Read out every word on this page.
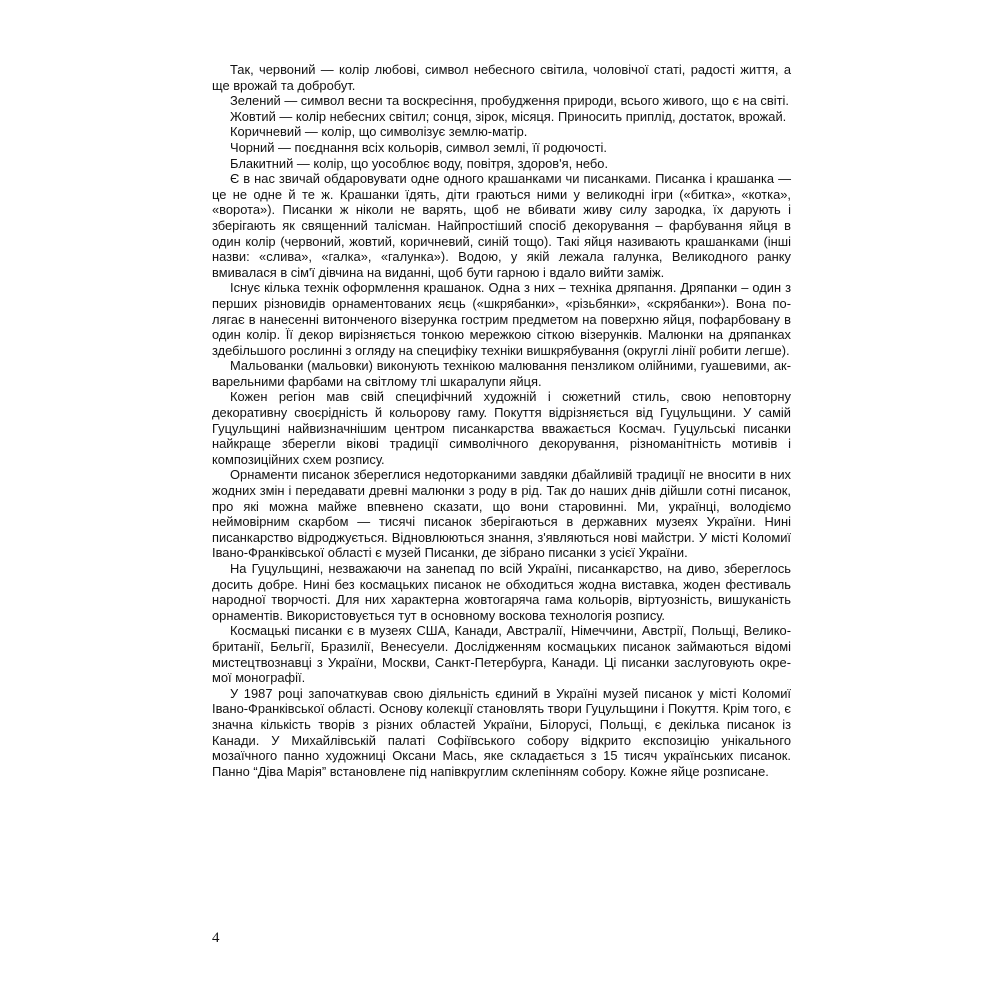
Так, червоний — колір любові, символ небесного світила, чоловічої статі, радості життя, а ще врожай та добробут.

Зелений — символ весни та воскресіння, пробудження природи, всього живого, що є на світі.

Жовтий — колір небесних світил; сонця, зірок, місяця. Приносить приплід, достаток, врожай.

Коричневий — колір, що символізує землю-матір.

Чорний — поєднання всіх кольорів, символ землі, її родючості.

Блакитний — колір, що уособлює воду, повітря, здоров'я, небо.

Є в нас звичай обдаровувати одне одного крашанками чи писанками. Писанка і крашанка — це не одне й те ж. Крашанки їдять, діти граються ними у великодні ігри («битка», «котка», «ворота»). Писанки ж ніколи не варять, щоб не вбивати живу силу зародка, їх дарують і зберігають як священний талісман. Найпростіший спосіб декорування – фарбування яйця в один колір (червоний, жовтий, коричневий, синій тощо). Такі яйця називають крашанками (інші назви: «слива», «галка», «галунка»). Водою, у якій лежала галунка, Великодного ранку вмивалася в сім'ї дівчина на виданні, щоб бути гарною і вдало вийти заміж.

Існує кілька технік оформлення крашанок. Одна з них – техніка дряпання. Дряпанки – один з перших різновидів орнаментованих яєць («шкрябанки», «різьбянки», «скрябанки»). Вона полягає в нанесенні витонченого візерунка гострим предметом на поверхню яйця, пофарбовану в один колір. Її декор вирізняється тонкою мережкою сіткою візерунків. Малюнки на дряпанках здебільшого рослинні з огляду на специфіку техніки вишкрябування (округлі лінії робити легше).

Мальованки (мальовки) виконують технікою малювання пензликом олійними, гуашевими, акварельними фарбами на світлому тлі шкаралупи яйця.

Кожен регіон мав свій специфічний художній і сюжетний стиль, свою неповторну декоративну своєрідність й кольорову гаму. Покуття відрізняється від Гуцульщини. У самій Гуцульщині найвизначнішим центром писанкарства вважається Космач. Гуцульські писанки найкраще зберегли вікові традиції символічного декорування, різноманітність мотивів і композиційних схем розпису.

Орнаменти писанок збереглися недоторканими завдяки дбайливій традиції не вносити в них жодних змін і передавати древні малюнки з роду в рід. Так до наших днів дійшли сотні писанок, про які можна майже впевнено сказати, що вони старовинні. Ми, українці, володіємо неймовірним скарбом — тисячі писанок зберігаються в державних музеях України. Нині писанкарство відроджується. Відновлюються знання, з'являються нові майстри. У місті Коломиї Івано-Франківської області є музей Писанки, де зібрано писанки з усієї України.

На Гуцульщині, незважаючи на занепад по всій Україні, писанкарство, на диво, збереглось досить добре. Нині без космацьких писанок не обходиться жодна виставка, жоден фестиваль народної творчості. Для них характерна жовтогаряча гама кольорів, віртуозність, вишуканість орнаментів. Використовується тут в основному воскова технологія розпису.

Космацькі писанки є в музеях США, Канади, Австралії, Німеччини, Австрії, Польщі, Великобританії, Бельгії, Бразилії, Венесуели. Дослідженням космацьких писанок займаються відомі мистецтвознавці з України, Москви, Санкт-Петербурга, Канади. Ці писанки заслуговують окремої монографії.

У 1987 році започаткував свою діяльність єдиний в Україні музей писанок у місті Коломиї Івано-Франківської області. Основу колекції становлять твори Гуцульщини і Покуття. Крім того, є значна кількість творів з різних областей України, Білорусі, Польщі, є декілька писанок із Канади. У Михайлівській палаті Софіївського собору відкрито експозицію унікального мозаїчного панно художниці Оксани Мась, яке складається з 15 тисяч українських писанок. Панно “Діва Марія” встановлене під напівкруглим склепінням собору. Кожне яйце розписане.

4
